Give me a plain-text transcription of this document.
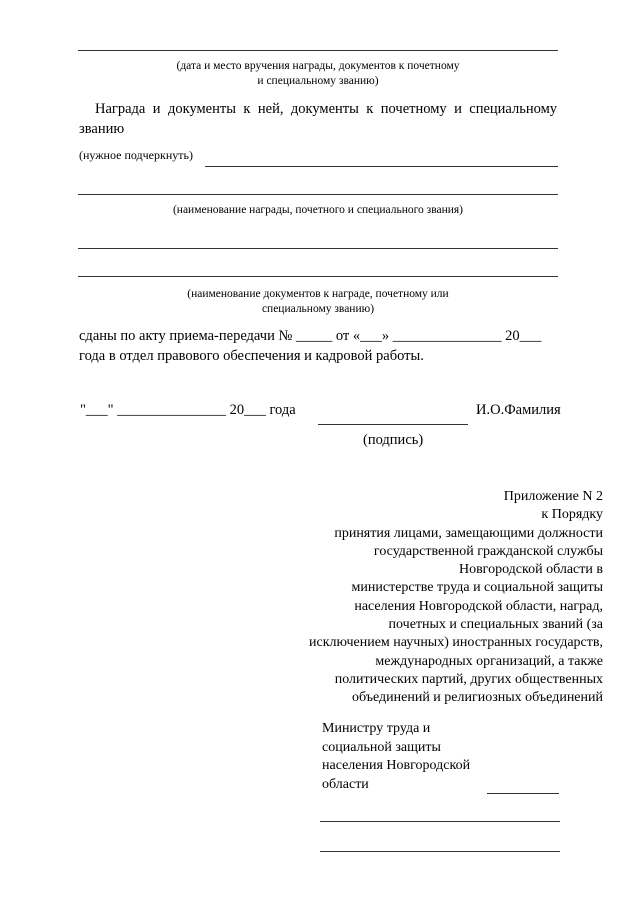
(дата и место вручения награды, документов к почетному
и специальному званию)
Награда и документы к ней, документы к почетному и специальному
званию
(нужное подчеркнуть)
(наименование награды, почетного и специального звания)
(наименование документов к награде, почетному или
специальному званию)
сданы по акту приема-передачи № _____ от «___» _______________ 20___
года в отдел правового обеспечения и кадровой работы.
"___" _______________ 20___ года	И.О.Фамилия
(подпись)
Приложение N 2
к Порядку
принятия лицами, замещающими должности
государственной гражданской службы
Новгородской области в
министерстве труда и социальной защиты
населения Новгородской области, наград,
почетных и специальных званий (за
исключением научных) иностранных государств,
международных организаций, а также
политических партий, других общественных
объединений и религиозных объединений
Министру труда и
социальной защиты
населения Новгородской
области
